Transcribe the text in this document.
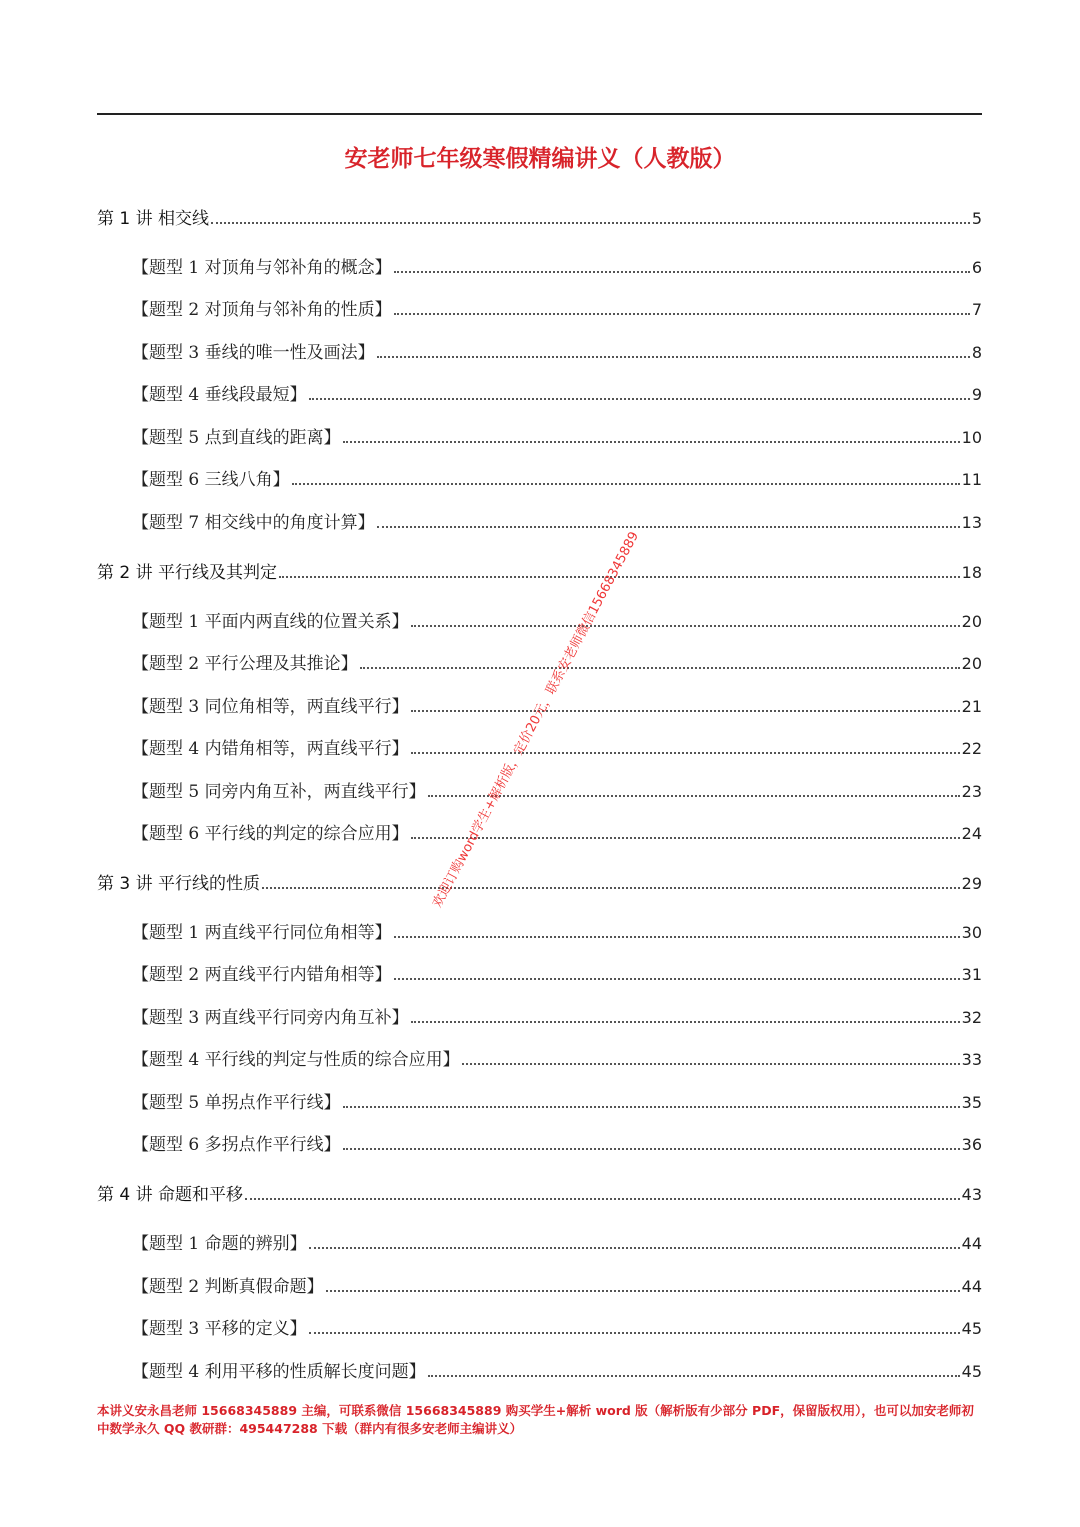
安老师七年级寒假精编讲义（人教版）
第 1 讲 相交线	5
【题型 1 对顶角与邻补角的概念】	6
【题型 2 对顶角与邻补角的性质】	7
【题型 3 垂线的唯一性及画法】	8
【题型 4 垂线段最短】	9
【题型 5 点到直线的距离】	10
【题型 6 三线八角】	11
【题型 7 相交线中的角度计算】	13
第 2 讲 平行线及其判定	18
【题型 1 平面内两直线的位置关系】	20
【题型 2 平行公理及其推论】	20
【题型 3 同位角相等，两直线平行】	21
【题型 4 内错角相等，两直线平行】	22
【题型 5 同旁内角互补，两直线平行】	23
【题型 6 平行线的判定的综合应用】	24
第 3 讲 平行线的性质	29
【题型 1 两直线平行同位角相等】	30
【题型 2 两直线平行内错角相等】	31
【题型 3 两直线平行同旁内角互补】	32
【题型 4 平行线的判定与性质的综合应用】	33
【题型 5 单拐点作平行线】	35
【题型 6 多拐点作平行线】	36
第 4 讲 命题和平移	43
【题型 1 命题的辨别】	44
【题型 2 判断真假命题】	44
【题型 3 平移的定义】	45
【题型 4 利用平移的性质解长度问题】	45
欢迎订购word学生+解析版，定价20元，联系安老师微信15668345889
本讲义安永昌老师 15668345889 主编，可联系微信 15668345889 购买学生+解析 word 版（解析版有少部分 PDF，保留版权用），也可以加安老师初中数学永久 QQ 教研群：495447288 下载（群内有很多安老师主编讲义）
